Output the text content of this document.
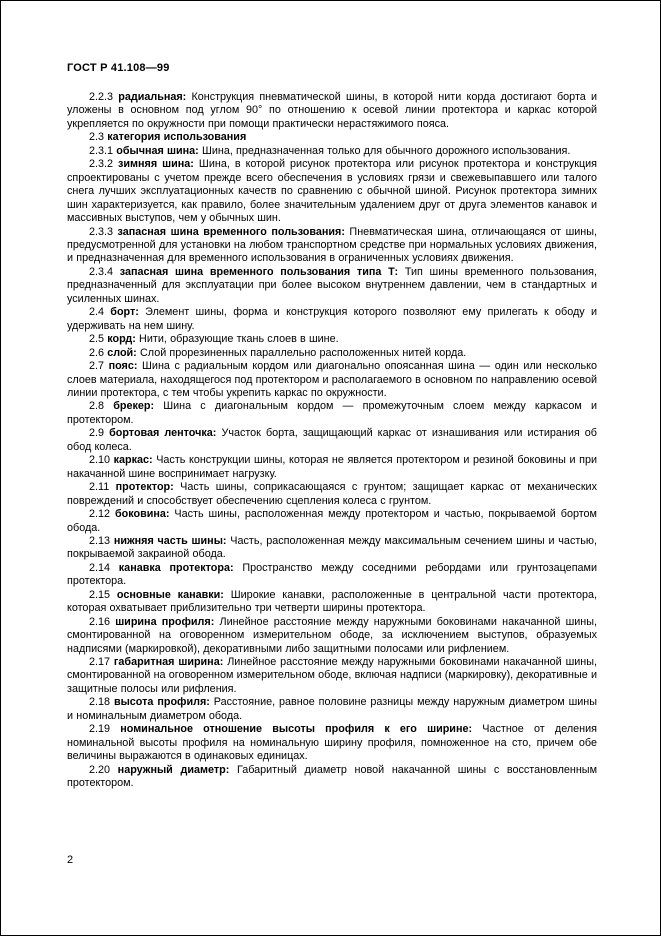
ГОСТ Р 41.108—99

2.2.3 радиальная: Конструкция пневматической шины, в которой нити корда достигают борта и уложены в основном под углом 90° по отношению к осевой линии протектора и каркас которой укрепляется по окружности при помощи практически нерастяжимого пояса.

2.3 категория использования

2.3.1 обычная шина: Шина, предназначенная только для обычного дорожного использования.

2.3.2 зимняя шина: Шина, в которой рисунок протектора или рисунок протектора и конструкция спроектированы с учетом прежде всего обеспечения в условиях грязи и свежевыпавшего или талого снега лучших эксплуатационных качеств по сравнению с обычной шиной. Рисунок протектора зимних шин характеризуется, как правило, более значительным удалением друг от друга элементов канавок и массивных выступов, чем у обычных шин.

2.3.3 запасная шина временного пользования: Пневматическая шина, отличающаяся от шины, предусмотренной для установки на любом транспортном средстве при нормальных условиях движения, и предназначенная для временного использования в ограниченных условиях движения.

2.3.4 запасная шина временного пользования типа Т: Тип шины временного пользования, предназначенный для эксплуатации при более высоком внутреннем давлении, чем в стандартных и усиленных шинах.

2.4 борт: Элемент шины, форма и конструкция которого позволяют ему прилегать к ободу и удерживать на нем шину.

2.5 корд: Нити, образующие ткань слоев в шине.

2.6 слой: Слой прорезиненных параллельно расположенных нитей корда.

2.7 пояс: Шина с радиальным кордом или диагонально опоясанная шина — один или несколько слоев материала, находящегося под протектором и располагаемого в основном по направлению осевой линии протектора, с тем чтобы укрепить каркас по окружности.

2.8 брекер: Шина с диагональным кордом — промежуточным слоем между каркасом и протектором.

2.9 бортовая ленточка: Участок борта, защищающий каркас от изнашивания или истирания об обод колеса.

2.10 каркас: Часть конструкции шины, которая не является протектором и резиной боковины и при накачанной шине воспринимает нагрузку.

2.11 протектор: Часть шины, соприкасающаяся с грунтом; защищает каркас от механических повреждений и способствует обеспечению сцепления колеса с грунтом.

2.12 боковина: Часть шины, расположенная между протектором и частью, покрываемой бортом обода.

2.13 нижняя часть шины: Часть, расположенная между максимальным сечением шины и частью, покрываемой закраиной обода.

2.14 канавка протектора: Пространство между соседними ребордами или грунтозацепами протектора.

2.15 основные канавки: Широкие канавки, расположенные в центральной части протектора, которая охватывает приблизительно три четверти ширины протектора.

2.16 ширина профиля: Линейное расстояние между наружными боковинами накачанной шины, смонтированной на оговоренном измерительном ободе, за исключением выступов, образуемых надписями (маркировкой), декоративными либо защитными полосами или рифлением.

2.17 габаритная ширина: Линейное расстояние между наружными боковинами накачанной шины, смонтированной на оговоренном измерительном ободе, включая надписи (маркировку), декоративные и защитные полосы или рифления.

2.18 высота профиля: Расстояние, равное половине разницы между наружным диаметром шины и номинальным диаметром обода.

2.19 номинальное отношение высоты профиля к его ширине: Частное от деления номинальной высоты профиля на номинальную ширину профиля, помноженное на сто, причем обе величины выражаются в одинаковых единицах.

2.20 наружный диаметр: Габаритный диаметр новой накачанной шины с восстановленным протектором.

2
